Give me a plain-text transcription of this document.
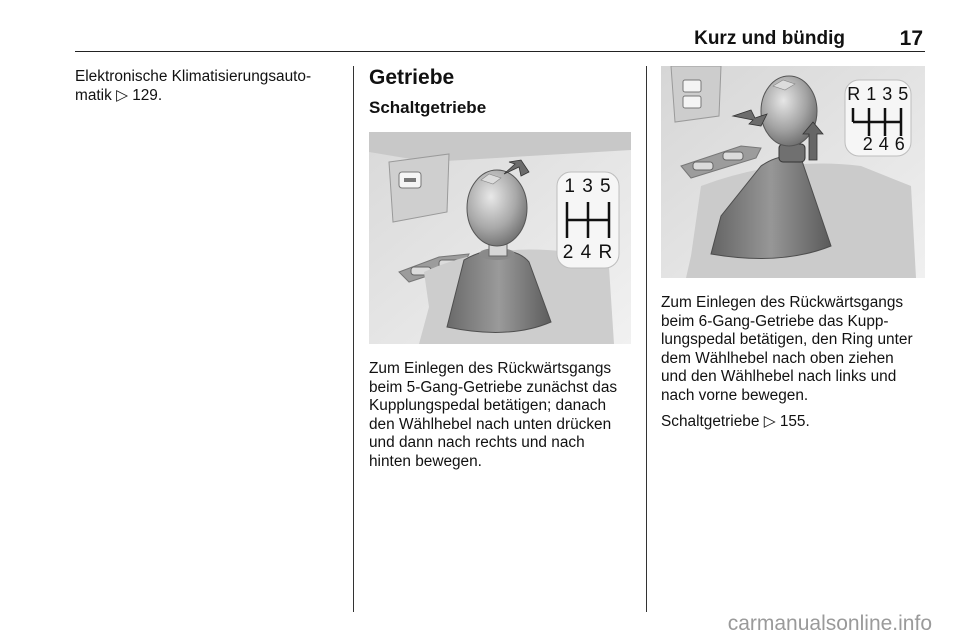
Kurz und bündig	17

Elektronische Klimatisierungsauto-
matik ▷ 129.

Getriebe
Schaltgetriebe
1 3 5
2 4 R

Zum Einlegen des Rückwärtsgangs
beim 5-Gang-Getriebe zunächst das
Kupplungspedal betätigen; danach
den Wählhebel nach unten drücken
und dann nach rechts und nach
hinten bewegen.

R 1 3 5
2 4 6

Zum Einlegen des Rückwärtsgangs
beim 6-Gang-Getriebe das Kupp-
lungspedal betätigen, den Ring unter
dem Wählhebel nach oben ziehen
und den Wählhebel nach links und
nach vorne bewegen.

Schaltgetriebe ▷ 155.

carmanualsonline.info
